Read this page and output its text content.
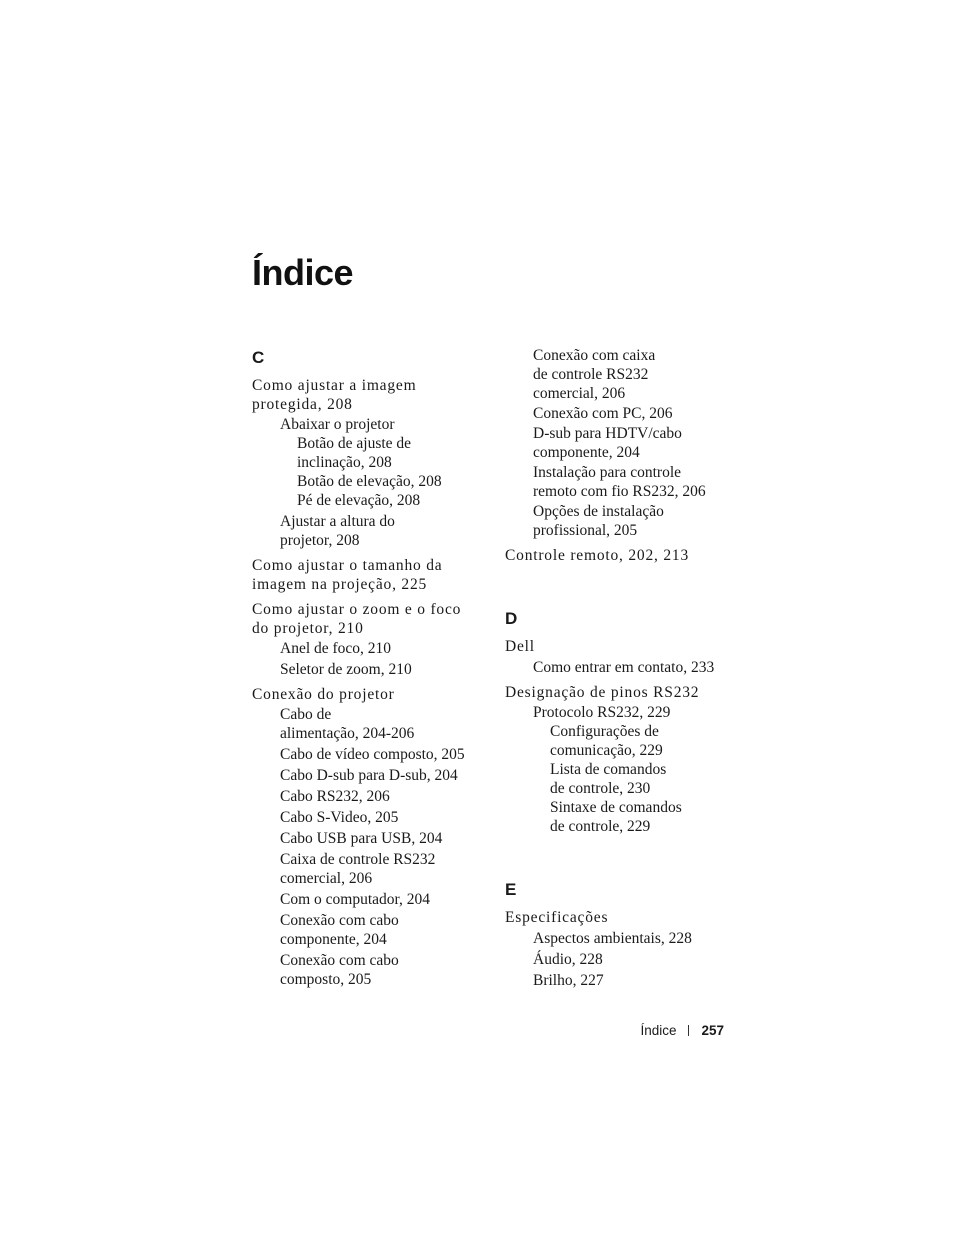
Índice
C
Como ajustar a imagem
protegida, 208
Abaixar o projetor
Botão de ajuste de
inclinação, 208
Botão de elevação, 208
Pé de elevação, 208
Ajustar a altura do
projetor, 208
Como ajustar o tamanho da
imagem na projeção, 225
Como ajustar o zoom e o foco
do projetor, 210
Anel de foco, 210
Seletor de zoom, 210
Conexão do projetor
Cabo de
alimentação, 204-206
Cabo de vídeo composto, 205
Cabo D-sub para D-sub, 204
Cabo RS232, 206
Cabo S-Video, 205
Cabo USB para USB, 204
Caixa de controle RS232
comercial, 206
Com o computador, 204
Conexão com cabo
componente, 204
Conexão com cabo
composto, 205
Conexão com caixa
de controle RS232
comercial, 206
Conexão com PC, 206
D-sub para HDTV/cabo
componente, 204
Instalação para controle
remoto com fio RS232, 206
Opções de instalação
profissional, 205
Controle remoto, 202, 213
D
Dell
Como entrar em contato, 233
Designação de pinos RS232
Protocolo RS232, 229
Configurações de
comunicação, 229
Lista de comandos
de controle, 230
Sintaxe de comandos
de controle, 229
E
Especificações
Aspectos ambientais, 228
Áudio, 228
Brilho, 227
Índice 257
